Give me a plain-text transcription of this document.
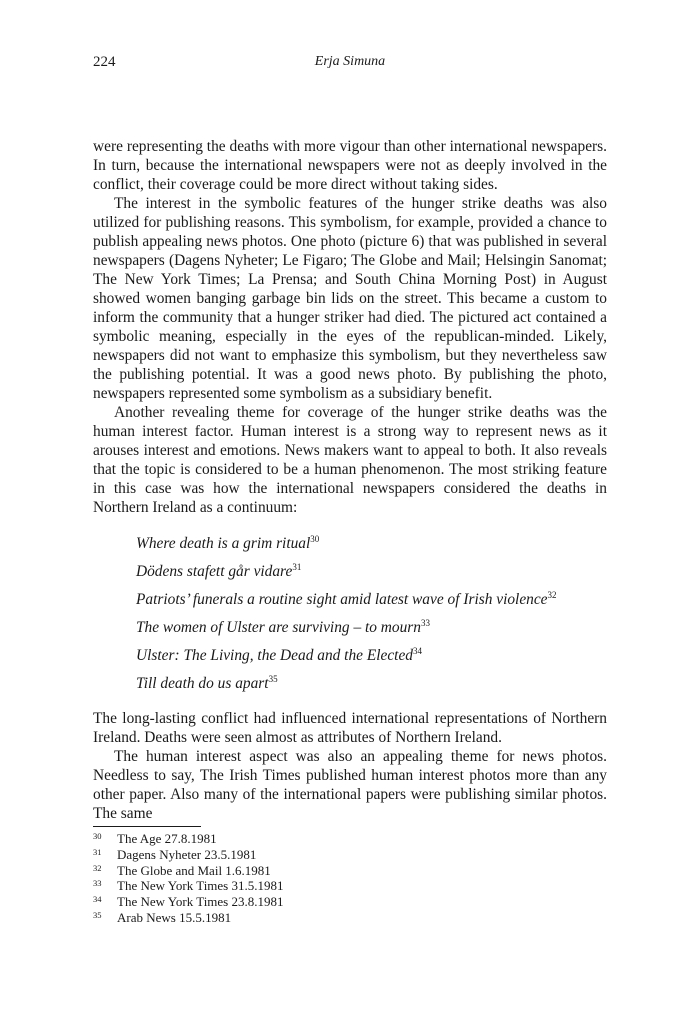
224	Erja Simuna

were representing the deaths with more vigour than other international newspapers. In turn, because the international newspapers were not as deeply involved in the conflict, their coverage could be more direct without taking sides.

The interest in the symbolic features of the hunger strike deaths was also utilized for publishing reasons. This symbolism, for example, provided a chance to publish appealing news photos. One photo (picture 6) that was published in several newspapers (Dagens Nyheter; Le Figaro; The Globe and Mail; Helsingin Sanomat; The New York Times; La Prensa; and South China Morning Post) in August showed women banging garbage bin lids on the street. This became a custom to inform the community that a hunger striker had died. The pictured act contained a symbolic meaning, especially in the eyes of the republican-minded. Likely, newspapers did not want to emphasize this symbolism, but they nevertheless saw the publishing potential. It was a good news photo. By publishing the photo, newspapers represented some symbolism as a subsidiary benefit.

Another revealing theme for coverage of the hunger strike deaths was the human interest factor. Human interest is a strong way to represent news as it arouses interest and emotions. News makers want to appeal to both. It also reveals that the topic is considered to be a human phenomenon. The most striking feature in this case was how the international newspapers considered the deaths in Northern Ireland as a continuum:

Where death is a grim ritual$^{30}$
Dödens stafett går vidare$^{31}$
Patriots’ funerals a routine sight amid latest wave of Irish violence$^{32}$
The women of Ulster are surviving – to mourn$^{33}$
Ulster: The Living, the Dead and the Elected$^{34}$
Till death do us apart$^{35}$

The long-lasting conflict had influenced international representations of Northern Ireland. Deaths were seen almost as attributes of Northern Ireland.

The human interest aspect was also an appealing theme for news photos. Needless to say, The Irish Times published human interest photos more than any other paper. Also many of the international papers were publishing similar photos. The same

30 The Age 27.8.1981
31 Dagens Nyheter 23.5.1981
32 The Globe and Mail 1.6.1981
33 The New York Times 31.5.1981
34 The New York Times 23.8.1981
35 Arab News 15.5.1981
